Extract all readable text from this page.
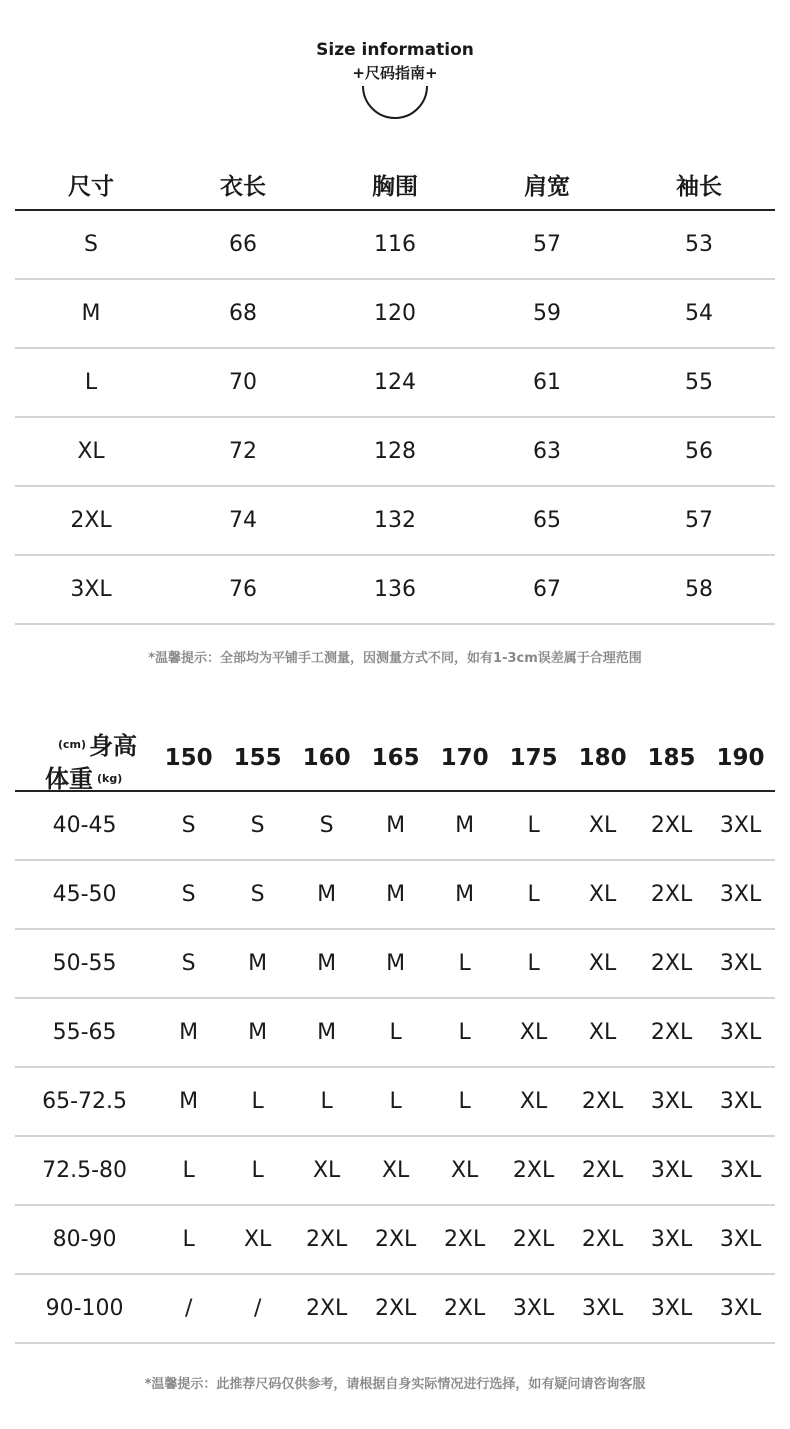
Size information
+尺码指南+
尺寸	衣长	胸围	肩宽	袖长
S	66	116	57	53
M	68	120	59	54
L	70	124	61	55
XL	72	128	63	56
2XL	74	132	65	57
3XL	76	136	67	58
*温馨提示：全部均为平铺手工测量，因测量方式不同，如有1-3cm误差属于合理范围
(cm) 身高
体重 (kg)
150 155 160 165 170 175 180 185 190
40-45	S	S	S	M	M	L	XL	2XL	3XL
45-50	S	S	M	M	M	L	XL	2XL	3XL
50-55	S	M	M	M	L	L	XL	2XL	3XL
55-65	M	M	M	L	L	XL	XL	2XL	3XL
65-72.5	M	L	L	L	L	XL	2XL	3XL	3XL
72.5-80	L	L	XL	XL	XL	2XL	2XL	3XL	3XL
80-90	L	XL	2XL	2XL	2XL	2XL	2XL	3XL	3XL
90-100	/	/	2XL	2XL	2XL	3XL	3XL	3XL	3XL
*温馨提示：此推荐尺码仅供参考，请根据自身实际情况进行选择，如有疑问请咨询客服
